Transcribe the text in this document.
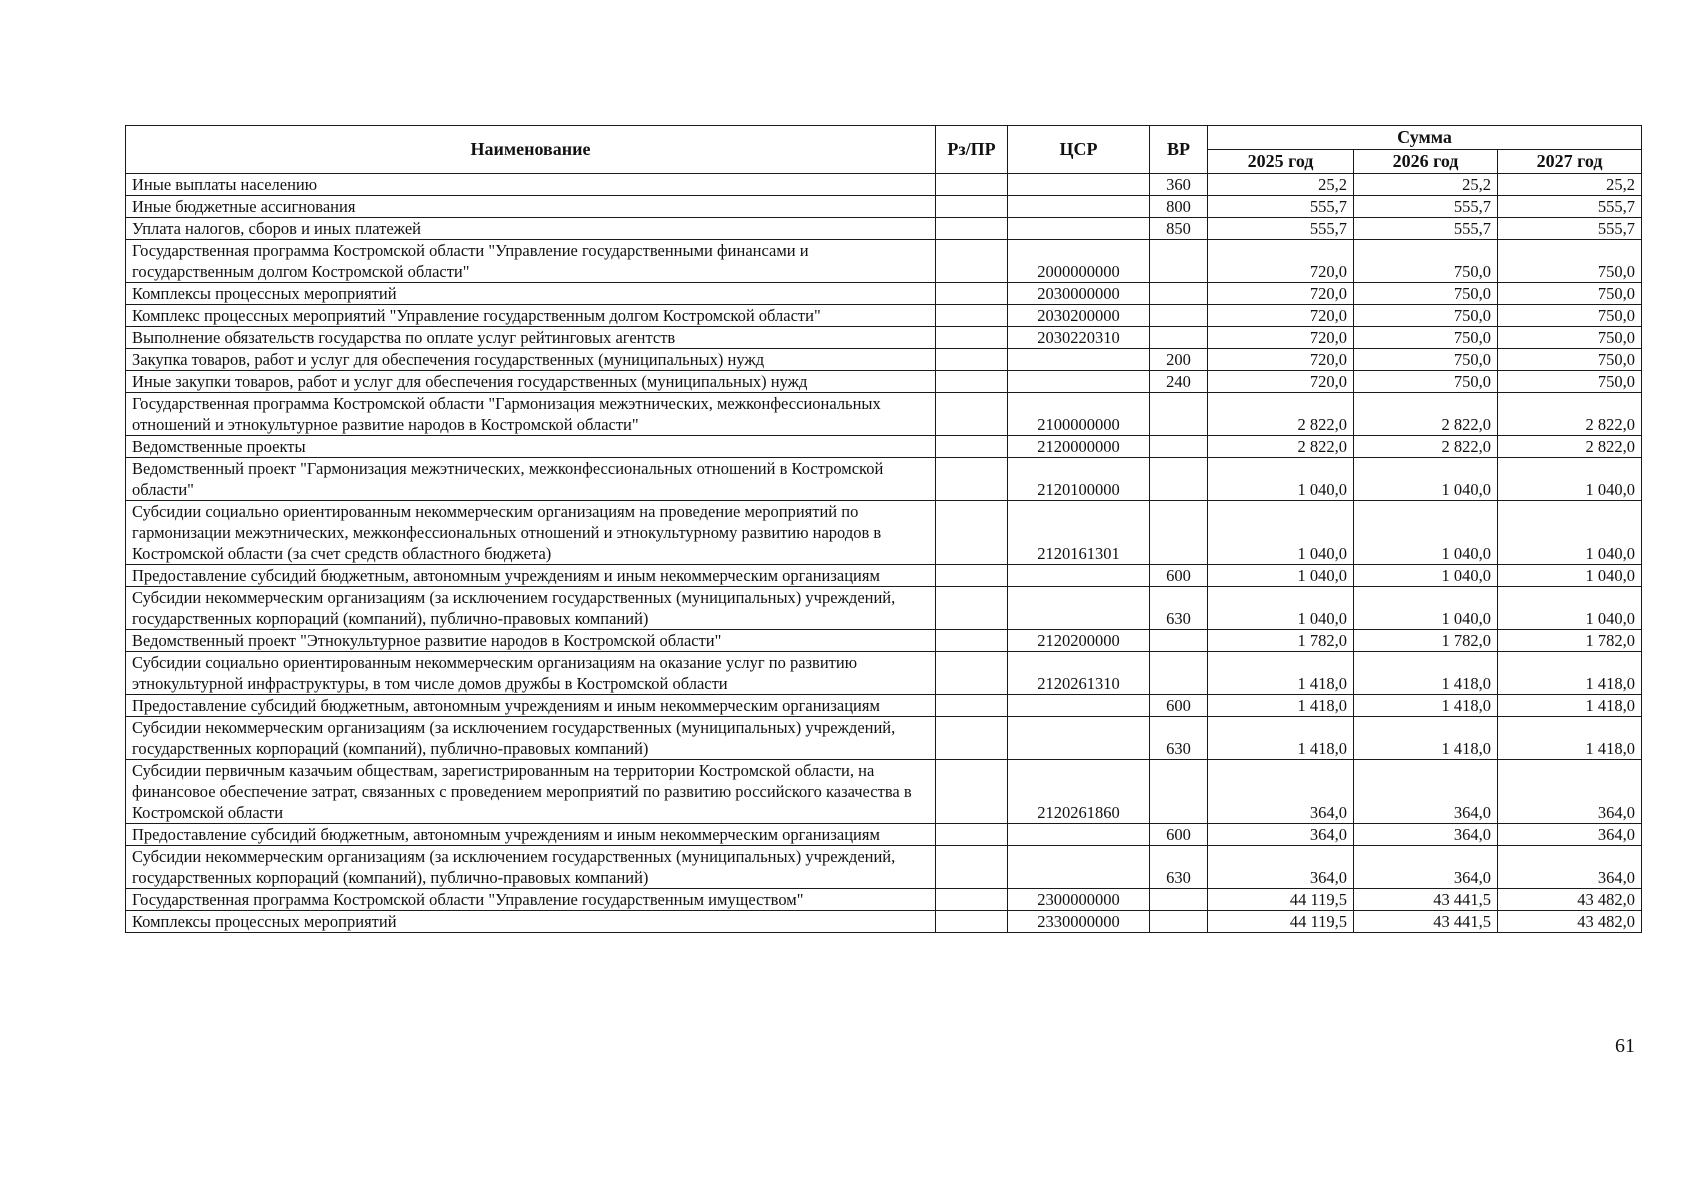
Наименование	Рз/ПР	ЦСР	ВР	Сумма		
				2025 год	2026 год	2027 год
Иные выплаты населению			360	25,2	25,2	25,2
Иные бюджетные ассигнования			800	555,7	555,7	555,7
Уплата налогов, сборов и иных платежей			850	555,7	555,7	555,7
Государственная программа Костромской области "Управление государственными финансами и государственным долгом Костромской области"		2000000000		720,0	750,0	750,0
Комплексы процессных мероприятий		2030000000		720,0	750,0	750,0
Комплекс процессных мероприятий "Управление государственным долгом Костромской области"		2030200000		720,0	750,0	750,0
Выполнение обязательств государства по оплате услуг рейтинговых агентств		2030220310		720,0	750,0	750,0
Закупка товаров, работ и услуг для обеспечения государственных (муниципальных) нужд			200	720,0	750,0	750,0
Иные закупки товаров, работ и услуг для обеспечения государственных (муниципальных) нужд			240	720,0	750,0	750,0
Государственная программа Костромской области "Гармонизация межэтнических, межконфессиональных отношений и этнокультурное развитие народов в Костромской области"		2100000000		2 822,0	2 822,0	2 822,0
Ведомственные проекты		2120000000		2 822,0	2 822,0	2 822,0
Ведомственный проект "Гармонизация межэтнических, межконфессиональных отношений в Костромской области"		2120100000		1 040,0	1 040,0	1 040,0
Субсидии социально ориентированным некоммерческим организациям на проведение мероприятий по гармонизации межэтнических, межконфессиональных отношений и этнокультурному развитию народов в Костромской области (за счет средств областного бюджета)		2120161301		1 040,0	1 040,0	1 040,0
Предоставление субсидий бюджетным, автономным учреждениям и иным некоммерческим организациям			600	1 040,0	1 040,0	1 040,0
Субсидии некоммерческим организациям (за исключением государственных (муниципальных) учреждений, государственных корпораций (компаний), публично-правовых компаний)			630	1 040,0	1 040,0	1 040,0
Ведомственный проект "Этнокультурное развитие народов в Костромской области"		2120200000		1 782,0	1 782,0	1 782,0
Субсидии социально ориентированным некоммерческим организациям на оказание услуг по развитию этнокультурной инфраструктуры, в том числе домов дружбы в Костромской области		2120261310		1 418,0	1 418,0	1 418,0
Предоставление субсидий бюджетным, автономным учреждениям и иным некоммерческим организациям			600	1 418,0	1 418,0	1 418,0
Субсидии некоммерческим организациям (за исключением государственных (муниципальных) учреждений, государственных корпораций (компаний), публично-правовых компаний)			630	1 418,0	1 418,0	1 418,0
Субсидии первичным казачьим обществам, зарегистрированным на территории Костромской области, на финансовое обеспечение затрат, связанных с проведением мероприятий по развитию российского казачества в Костромской области		2120261860		364,0	364,0	364,0
Предоставление субсидий бюджетным, автономным учреждениям и иным некоммерческим организациям			600	364,0	364,0	364,0
Субсидии некоммерческим организациям (за исключением государственных (муниципальных) учреждений, государственных корпораций (компаний), публично-правовых компаний)			630	364,0	364,0	364,0
Государственная программа Костромской области "Управление государственным имуществом"		2300000000		44 119,5	43 441,5	43 482,0
Комплексы процессных мероприятий		2330000000		44 119,5	43 441,5	43 482,0
61
